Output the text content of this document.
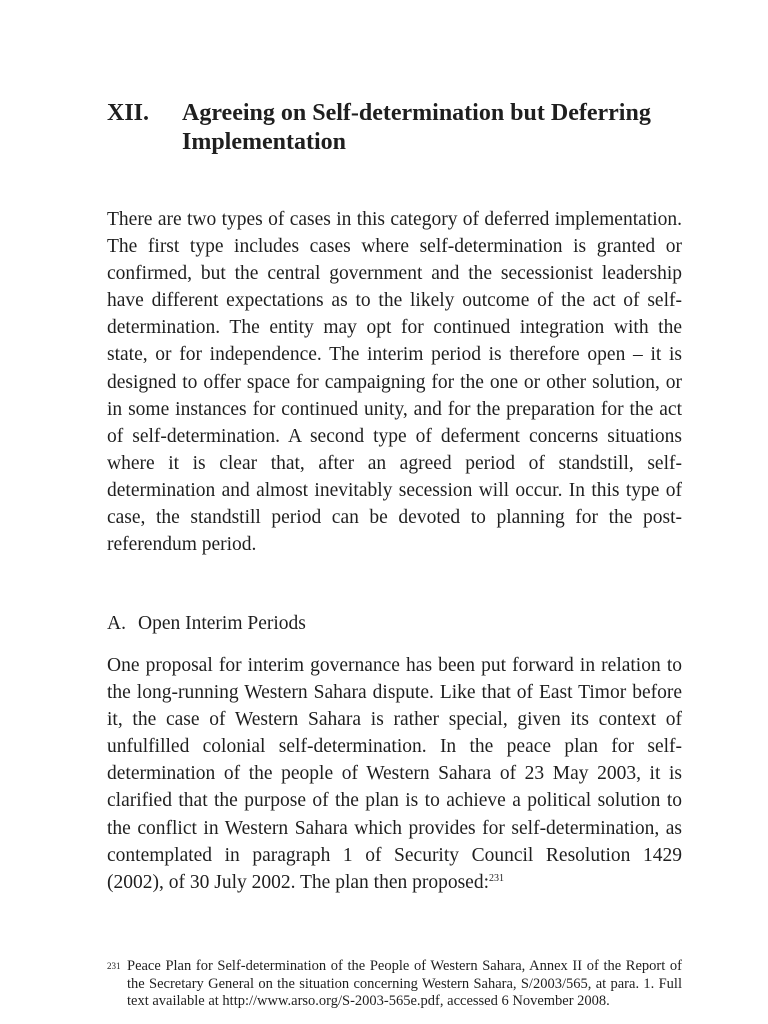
XII.	Agreeing on Self-determination but Deferring Implementation

There are two types of cases in this category of deferred implementation. The first type includes cases where self-determination is granted or confirmed, but the central government and the secessionist leadership have different expectations as to the likely outcome of the act of self-determination. The entity may opt for continued integration with the state, or for independence. The interim period is therefore open – it is designed to offer space for campaigning for the one or other solution, or in some instances for continued unity, and for the preparation for the act of self-determination. A second type of deferment concerns situations where it is clear that, after an agreed period of standstill, self-determination and almost inevitably secession will occur. In this type of case, the standstill period can be devoted to planning for the post-referendum period.

A. Open Interim Periods

One proposal for interim governance has been put forward in relation to the long-running Western Sahara dispute. Like that of East Timor before it, the case of Western Sahara is rather special, given its context of unfulfilled colonial self-determination. In the peace plan for self-determination of the people of Western Sahara of 23 May 2003, it is clarified that the purpose of the plan is to achieve a political solution to the conflict in Western Sahara which provides for self-determination, as contemplated in paragraph 1 of Security Council Resolution 1429 (2002), of 30 July 2002. The plan then proposed:$^{231}$

231 Peace Plan for Self-determination of the People of Western Sahara, Annex II of the Report of the Secretary General on the situation concerning Western Sahara, S/2003/565, at para. 1. Full text available at http://www.arso.org/S-2003-565e.pdf, accessed 6 November 2008.
